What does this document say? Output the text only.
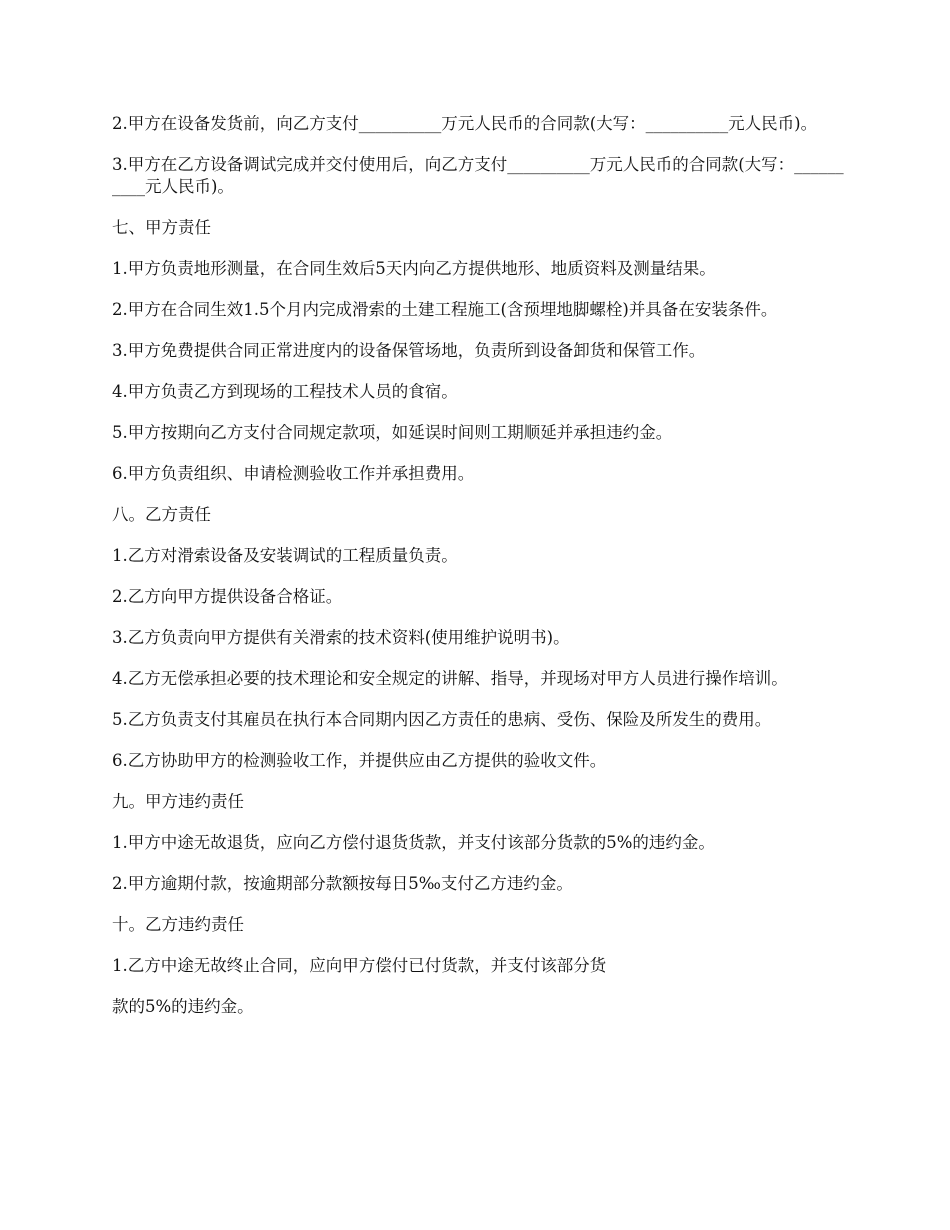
2.甲方在设备发货前，向乙方支付__________万元人民币的合同款(大写：__________元人民币)。

3.甲方在乙方设备调试完成并交付使用后，向乙方支付__________万元人民币的合同款(大写：__________元人民币)。

七、甲方责任

1.甲方负责地形测量，在合同生效后5天内向乙方提供地形、地质资料及测量结果。

2.甲方在合同生效1.5个月内完成滑索的土建工程施工(含预埋地脚螺栓)并具备在安装条件。

3.甲方免费提供合同正常进度内的设备保管场地，负责所到设备卸货和保管工作。

4.甲方负责乙方到现场的工程技术人员的食宿。

5.甲方按期向乙方支付合同规定款项，如延误时间则工期顺延并承担违约金。

6.甲方负责组织、申请检测验收工作并承担费用。

八。乙方责任

1.乙方对滑索设备及安装调试的工程质量负责。

2.乙方向甲方提供设备合格证。

3.乙方负责向甲方提供有关滑索的技术资料(使用维护说明书)。

4.乙方无偿承担必要的技术理论和安全规定的讲解、指导，并现场对甲方人员进行操作培训。

5.乙方负责支付其雇员在执行本合同期内因乙方责任的患病、受伤、保险及所发生的费用。

6.乙方协助甲方的检测验收工作，并提供应由乙方提供的验收文件。

九。甲方违约责任

1.甲方中途无故退货，应向乙方偿付退货货款，并支付该部分货款的5%的违约金。

2.甲方逾期付款，按逾期部分款额按每日5‰支付乙方违约金。

十。乙方违约责任

1.乙方中途无故终止合同，应向甲方偿付已付货款，并支付该部分货

款的5%的违约金。
